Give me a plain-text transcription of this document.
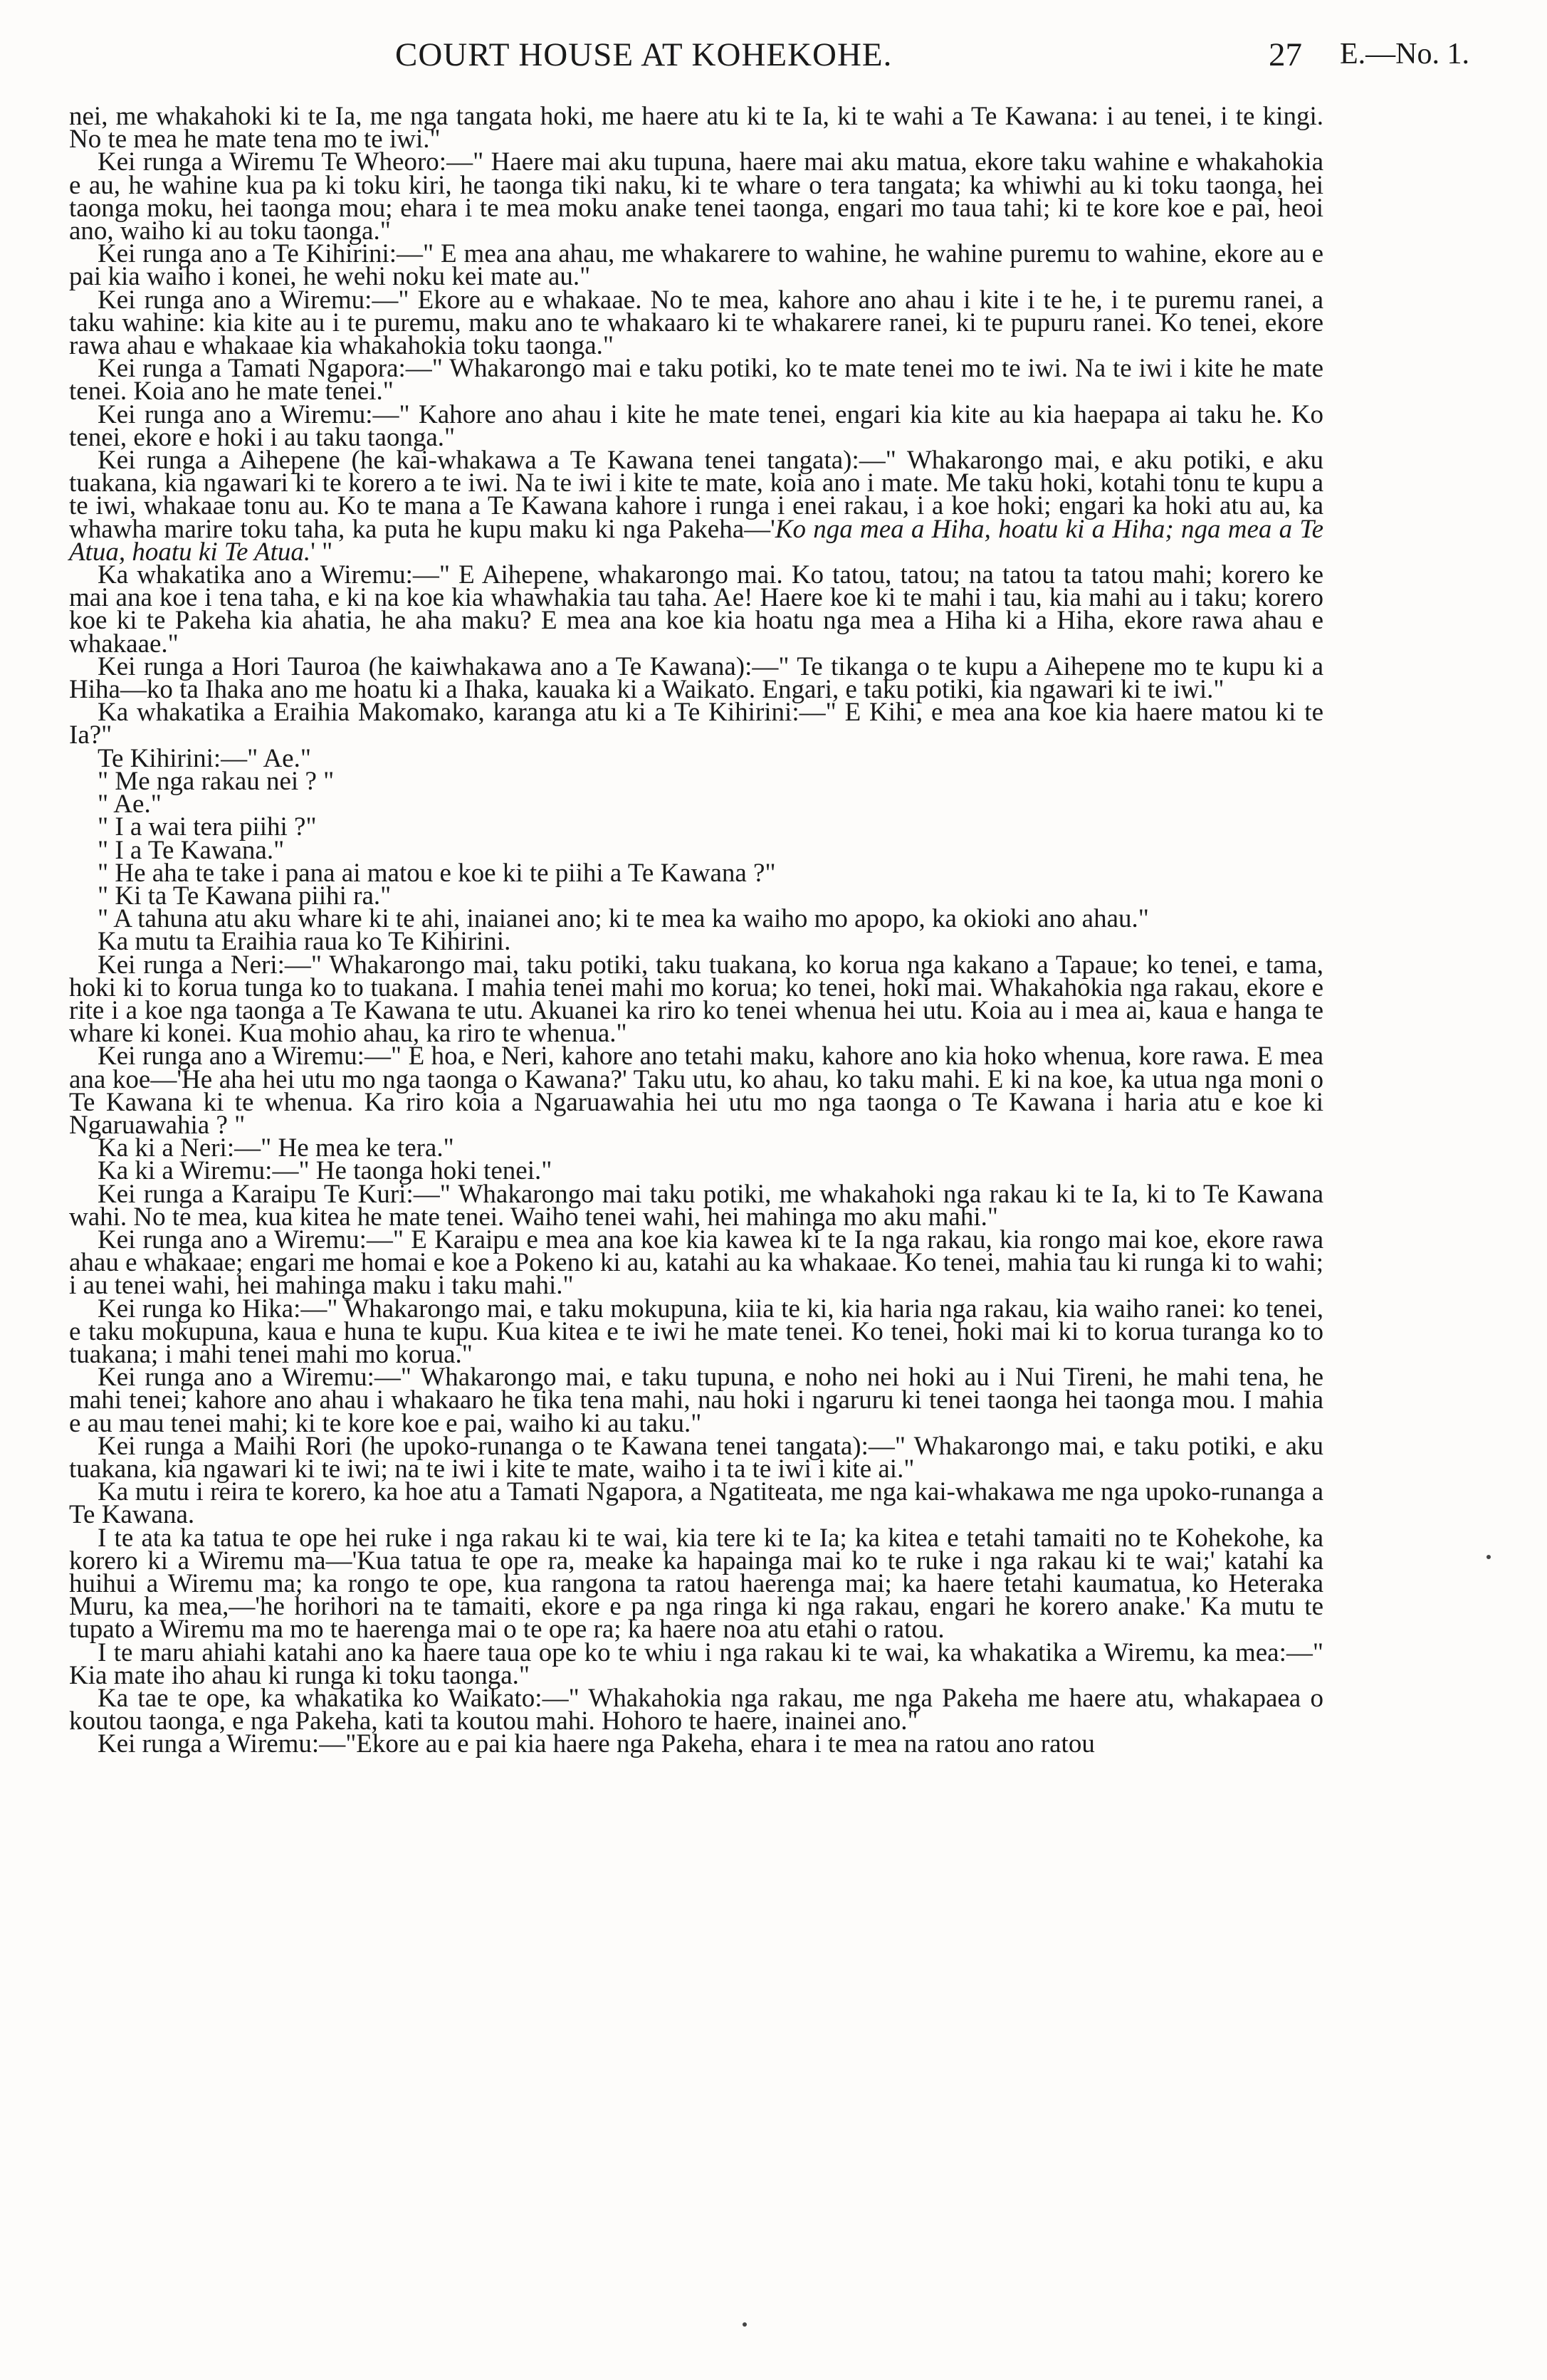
COURT HOUSE AT KOHEKOHE.	27 E.—No. 1.

nei, me whakahoki ki te Ia, me nga tangata hoki, me haere atu ki te Ia, ki te wahi a Te Kawana: i au tenei, i te kingi. No te mea he mate tena mo te iwi."

Kei runga a Wiremu Te Wheoro:—" Haere mai aku tupuna, haere mai aku matua, ekore taku wahine e whakahokia e au, he wahine kua pa ki toku kiri, he taonga tiki naku, ki te whare o tera tangata; ka whiwhi au ki toku taonga, hei taonga moku, hei taonga mou; ehara i te mea moku anake tenei taonga, engari mo taua tahi; ki te kore koe e pai, heoi ano, waiho ki au toku taonga."

Kei runga ano a Te Kihirini:—" E mea ana ahau, me whakarere to wahine, he wahine puremu to wahine, ekore au e pai kia waiho i konei, he wehi noku kei mate au."

Kei runga ano a Wiremu:—" Ekore au e whakaae. No te mea, kahore ano ahau i kite i te he, i te puremu ranei, a taku wahine: kia kite au i te puremu, maku ano te whakaaro ki te whakarere ranei, ki te pupuru ranei. Ko tenei, ekore rawa ahau e whakaae kia whakahokia toku taonga."

Kei runga a Tamati Ngapora:—" Whakarongo mai e taku potiki, ko te mate tenei mo te iwi. Na te iwi i kite he mate tenei. Koia ano he mate tenei."

Kei runga ano a Wiremu:—" Kahore ano ahau i kite he mate tenei, engari kia kite au kia haepapa ai taku he. Ko tenei, ekore e hoki i au taku taonga."

Kei runga a Aihepene (he kai-whakawa a Te Kawana tenei tangata):—" Whakarongo mai, e aku potiki, e aku tuakana, kia ngawari ki te korero a te iwi. Na te iwi i kite te mate, koia ano i mate. Me taku hoki, kotahi tonu te kupu a te iwi, whakaae tonu au. Ko te mana a Te Kawana kahore i runga i enei rakau, i a koe hoki; engari ka hoki atu au, ka whawha marire toku taha, ka puta he kupu maku ki nga Pakeha—'Ko nga mea a Hiha, hoatu ki a Hiha; nga mea a Te Atua, hoatu ki Te Atua.' "

Ka whakatika ano a Wiremu:—" E Aihepene, whakarongo mai. Ko tatou, tatou; na tatou ta tatou mahi; korero ke mai ana koe i tena taha, e ki na koe kia whawhakia tau taha. Ae! Haere koe ki te mahi i tau, kia mahi au i taku; korero koe ki te Pakeha kia ahatia, he aha maku? E mea ana koe kia hoatu nga mea a Hiha ki a Hiha, ekore rawa ahau e whakaae."

Kei runga a Hori Tauroa (he kaiwhakawa ano a Te Kawana):—" Te tikanga o te kupu a Aihepene mo te kupu ki a Hiha—ko ta Ihaka ano me hoatu ki a Ihaka, kauaka ki a Waikato. Engari, e taku potiki, kia ngawari ki te iwi."

Ka whakatika a Eraihia Makomako, karanga atu ki a Te Kihirini:—" E Kihi, e mea ana koe kia haere matou ki te Ia?"

Te Kihirini:—" Ae."

" Me nga rakau nei ? "

" Ae."

" I a wai tera piihi ?"

" I a Te Kawana."

" He aha te take i pana ai matou e koe ki te piihi a Te Kawana ?"

" Ki ta Te Kawana piihi ra."

" A tahuna atu aku whare ki te ahi, inaianei ano; ki te mea ka waiho mo apopo, ka okioki ano ahau."

Ka mutu ta Eraihia raua ko Te Kihirini.

Kei runga a Neri:—" Whakarongo mai, taku potiki, taku tuakana, ko korua nga kakano a Tapaue; ko tenei, e tama, hoki ki to korua tunga ko to tuakana. I mahia tenei mahi mo korua; ko tenei, hoki mai. Whakahokia nga rakau, ekore e rite i a koe nga taonga a Te Kawana te utu. Akuanei ka riro ko tenei whenua hei utu. Koia au i mea ai, kaua e hanga te whare ki konei. Kua mohio ahau, ka riro te whenua."

Kei runga ano a Wiremu:—" E hoa, e Neri, kahore ano tetahi maku, kahore ano kia hoko whenua, kore rawa. E mea ana koe—'He aha hei utu mo nga taonga o Kawana?' Taku utu, ko ahau, ko taku mahi. E ki na koe, ka utua nga moni o Te Kawana ki te whenua. Ka riro koia a Ngaruawahia hei utu mo nga taonga o Te Kawana i haria atu e koe ki Ngaruawahia ? "

Ka ki a Neri:—" He mea ke tera."

Ka ki a Wiremu:—" He taonga hoki tenei."

Kei runga a Karaipu Te Kuri:—" Whakarongo mai taku potiki, me whakahoki nga rakau ki te Ia, ki to Te Kawana wahi. No te mea, kua kitea he mate tenei. Waiho tenei wahi, hei mahinga mo aku mahi."

Kei runga ano a Wiremu:—" E Karaipu e mea ana koe kia kawea ki te Ia nga rakau, kia rongo mai koe, ekore rawa ahau e whakaae; engari me homai e koe a Pokeno ki au, katahi au ka whakaae. Ko tenei, mahia tau ki runga ki to wahi; i au tenei wahi, hei mahinga maku i taku mahi."

Kei runga ko Hika:—" Whakarongo mai, e taku mokupuna, kiia te ki, kia haria nga rakau, kia waiho ranei: ko tenei, e taku mokupuna, kaua e huna te kupu. Kua kitea e te iwi he mate tenei. Ko tenei, hoki mai ki to korua turanga ko to tuakana; i mahi tenei mahi mo korua."

Kei runga ano a Wiremu:—" Whakarongo mai, e taku tupuna, e noho nei hoki au i Nui Tireni, he mahi tena, he mahi tenei; kahore ano ahau i whakaaro he tika tena mahi, nau hoki i ngaruru ki tenei taonga hei taonga mou. I mahia e au mau tenei mahi; ki te kore koe e pai, waiho ki au taku."

Kei runga a Maihi Rori (he upoko-runanga o te Kawana tenei tangata):—" Whakarongo mai, e taku potiki, e aku tuakana, kia ngawari ki te iwi; na te iwi i kite te mate, waiho i ta te iwi i kite ai."

Ka mutu i reira te korero, ka hoe atu a Tamati Ngapora, a Ngatiteata, me nga kai-whakawa me nga upoko-runanga a Te Kawana.

I te ata ka tatua te ope hei ruke i nga rakau ki te wai, kia tere ki te Ia; ka kitea e tetahi tamaiti no te Kohekohe, ka korero ki a Wiremu ma—'Kua tatua te ope ra, meake ka hapainga mai ko te ruke i nga rakau ki te wai;' katahi ka huihui a Wiremu ma; ka rongo te ope, kua rangona ta ratou haerenga mai; ka haere tetahi kaumatua, ko Heteraka Muru, ka mea,—'he horihori na te tamaiti, ekore e pa nga ringa ki nga rakau, engari he korero anake.' Ka mutu te tupato a Wiremu ma mo te haerenga mai o te ope ra; ka haere noa atu etahi o ratou.

I te maru ahiahi katahi ano ka haere taua ope ko te whiu i nga rakau ki te wai, ka whakatika a Wiremu, ka mea:—" Kia mate iho ahau ki runga ki toku taonga."

Ka tae te ope, ka whakatika ko Waikato:—" Whakahokia nga rakau, me nga Pakeha me haere atu, whakapaea o koutou taonga, e nga Pakeha, kati ta koutou mahi. Hohoro te haere, inainei ano."

Kei runga a Wiremu:—"Ekore au e pai kia haere nga Pakeha, ehara i te mea na ratou ano ratou
